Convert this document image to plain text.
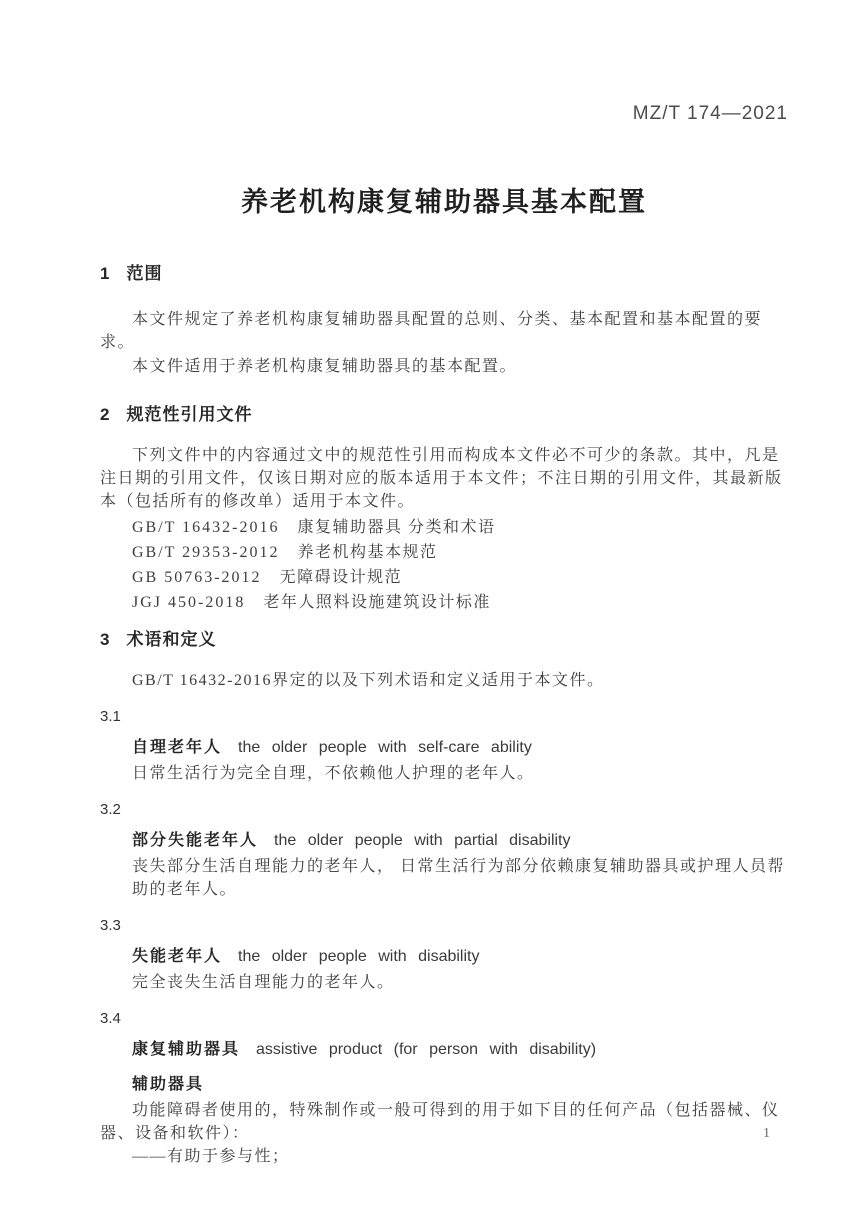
MZ/T 174—2021
养老机构康复辅助器具基本配置
1 范围

本文件规定了养老机构康复辅助器具配置的总则、分类、基本配置和基本配置的要求。

本文件适用于养老机构康复辅助器具的基本配置。

2 规范性引用文件

下列文件中的内容通过文中的规范性引用而构成本文件必不可少的条款。其中，凡是注日期的引用文件，仅该日期对应的版本适用于本文件；不注日期的引用文件，其最新版本（包括所有的修改单）适用于本文件。

GB/T 16432-2016 康复辅助器具 分类和术语

GB/T 29353-2012 养老机构基本规范

GB 50763-2012 无障碍设计规范

JGJ 450-2018 老年人照料设施建筑设计标准

3 术语和定义

GB/T 16432-2016界定的以及下列术语和定义适用于本文件。

3.1

自理老年人 the older people with self-care ability

日常生活行为完全自理，不依赖他人护理的老年人。

3.2

部分失能老年人 the older people with partial disability

丧失部分生活自理能力的老年人， 日常生活行为部分依赖康复辅助器具或护理人员帮助的老年人。

3.3

失能老年人 the older people with disability

完全丧失生活自理能力的老年人。

3.4

康复辅助器具 assistive product (for person with disability)

辅助器具

功能障碍者使用的，特殊制作或一般可得到的用于如下目的任何产品（包括器械、仪器、设备和软件）：

——有助于参与性；

1
